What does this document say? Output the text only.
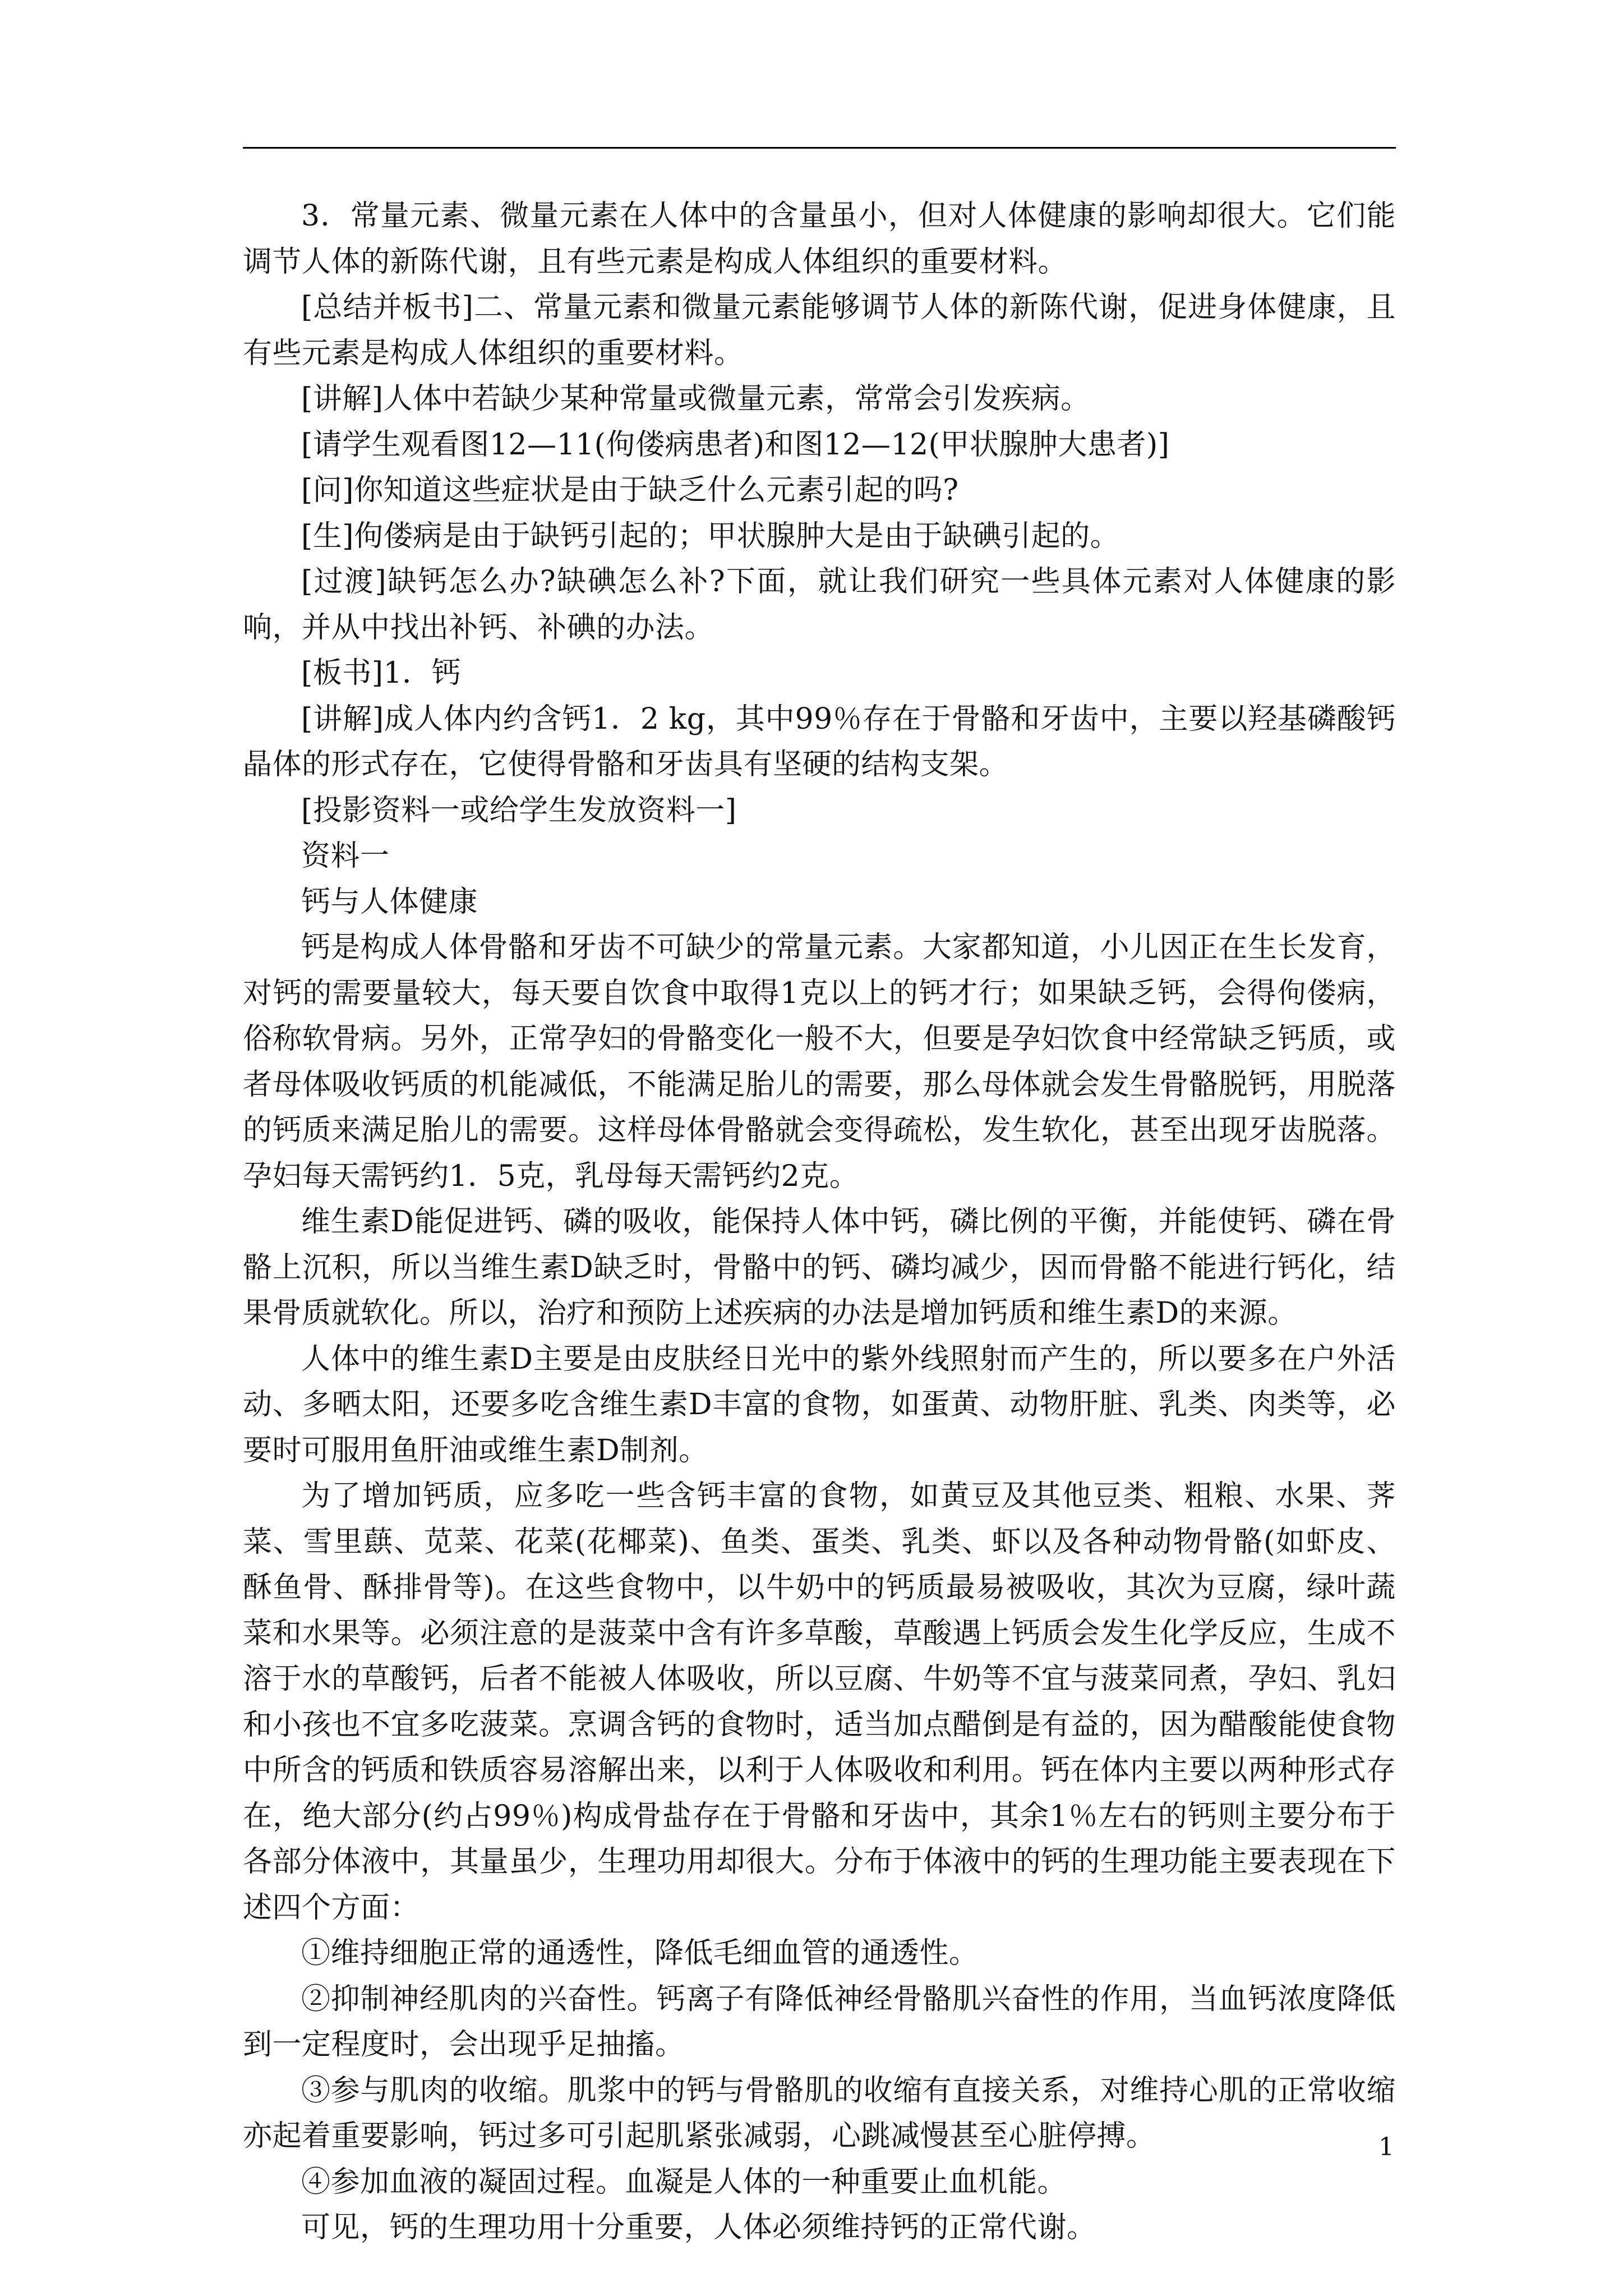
3．常量元素、微量元素在人体中的含量虽小，但对人体健康的影响却很大。它们能调节人体的新陈代谢，且有些元素是构成人体组织的重要材料。

[总结并板书]二、常量元素和微量元素能够调节人体的新陈代谢，促进身体健康，且有些元素是构成人体组织的重要材料。

[讲解]人体中若缺少某种常量或微量元素，常常会引发疾病。

[请学生观看图12—11(佝偻病患者)和图12—12(甲状腺肿大患者)]

[问]你知道这些症状是由于缺乏什么元素引起的吗?

[生]佝偻病是由于缺钙引起的；甲状腺肿大是由于缺碘引起的。

[过渡]缺钙怎么办?缺碘怎么补?下面，就让我们研究一些具体元素对人体健康的影响，并从中找出补钙、补碘的办法。

[板书]1．钙

[讲解]成人体内约含钙1．2 kg，其中99％存在于骨骼和牙齿中，主要以羟基磷酸钙晶体的形式存在，它使得骨骼和牙齿具有坚硬的结构支架。

[投影资料一或给学生发放资料一]

资料一

钙与人体健康

钙是构成人体骨骼和牙齿不可缺少的常量元素。大家都知道，小儿因正在生长发育，对钙的需要量较大，每天要自饮食中取得1克以上的钙才行；如果缺乏钙，会得佝偻病，俗称软骨病。另外，正常孕妇的骨骼变化一般不大，但要是孕妇饮食中经常缺乏钙质，或者母体吸收钙质的机能减低，不能满足胎儿的需要，那么母体就会发生骨骼脱钙，用脱落的钙质来满足胎儿的需要。这样母体骨骼就会变得疏松，发生软化，甚至出现牙齿脱落。孕妇每天需钙约1．5克，乳母每天需钙约2克。

维生素D能促进钙、磷的吸收，能保持人体中钙，磷比例的平衡，并能使钙、磷在骨骼上沉积，所以当维生素D缺乏时，骨骼中的钙、磷均减少，因而骨骼不能进行钙化，结果骨质就软化。所以，治疗和预防上述疾病的办法是增加钙质和维生素D的来源。

人体中的维生素D主要是由皮肤经日光中的紫外线照射而产生的，所以要多在户外活动、多晒太阳，还要多吃含维生素D丰富的食物，如蛋黄、动物肝脏、乳类、肉类等，必要时可服用鱼肝油或维生素D制剂。

为了增加钙质，应多吃一些含钙丰富的食物，如黄豆及其他豆类、粗粮、水果、荠菜、雪里蕻、苋菜、花菜(花椰菜)、鱼类、蛋类、乳类、虾以及各种动物骨骼(如虾皮、酥鱼骨、酥排骨等)。在这些食物中，以牛奶中的钙质最易被吸收，其次为豆腐，绿叶蔬菜和水果等。必须注意的是菠菜中含有许多草酸，草酸遇上钙质会发生化学反应，生成不溶于水的草酸钙，后者不能被人体吸收，所以豆腐、牛奶等不宜与菠菜同煮，孕妇、乳妇和小孩也不宜多吃菠菜。烹调含钙的食物时，适当加点醋倒是有益的，因为醋酸能使食物中所含的钙质和铁质容易溶解出来，以利于人体吸收和利用。钙在体内主要以两种形式存在，绝大部分(约占99％)构成骨盐存在于骨骼和牙齿中，其余1％左右的钙则主要分布于各部分体液中，其量虽少，生理功用却很大。分布于体液中的钙的生理功能主要表现在下述四个方面：

①维持细胞正常的通透性，降低毛细血管的通透性。

②抑制神经肌肉的兴奋性。钙离子有降低神经骨骼肌兴奋性的作用，当血钙浓度降低到一定程度时，会出现乎足抽搐。

③参与肌肉的收缩。肌浆中的钙与骨骼肌的收缩有直接关系，对维持心肌的正常收缩亦起着重要影响，钙过多可引起肌紧张减弱，心跳减慢甚至心脏停搏。

④参加血液的凝固过程。血凝是人体的一种重要止血机能。

可见，钙的生理功用十分重要，人体必须维持钙的正常代谢。

1
